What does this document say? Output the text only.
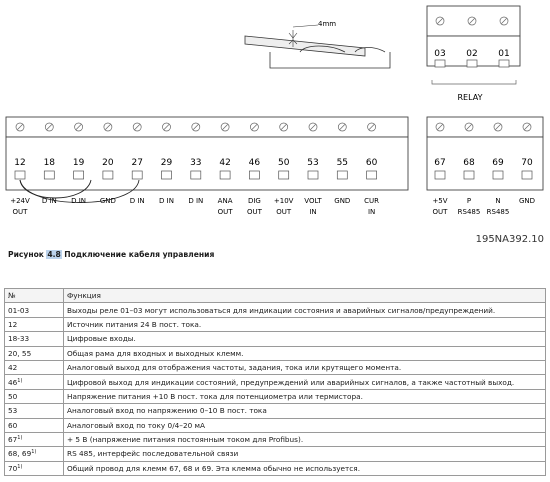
4mm
03 02 01
RELAY
12
+24V
OUT
18
D IN
19
D IN
20
GND
27
D IN
29
D IN
33
D IN
42
ANA
OUT
46
DIG
OUT
50
+10V
OUT
53
VOLT
IN
55
GND
60
CUR
IN
67
+5V
OUT
68
P
RS485
69
N
RS485
70
GND
Рисунок 4.8 Подключение кабеля управления
195NA392.10
№	Функция
01-03	Выходы реле 01–03 могут использоваться для индикации состояния и аварийных сигналов/предупреждений.
12	Источник питания 24 В пост. тока.
18-33	Цифровые входы.
20, 55	Общая рама для входных и выходных клемм.
42	Аналоговый выход для отображения частоты, задания, тока или крутящего момента.
46$^{1)}$	Цифровой выход для индикации состояний, предупреждений или аварийных сигналов, а также частотный выход.
50	Напряжение питания +10 В пост. тока для потенциометра или термистора.
53	Аналоговый вход по напряжению 0–10 В пост. тока
60	Аналоговый вход по току 0/4–20 мА
$67^{1)}$	+ 5 В (напряжение питания постоянным током для Profibus).
68, 69$^{1)}$	RS 485, интерфейс последовательной связи
70$^{1)}$	Общий провод для клемм 67, 68 и 69. Эта клемма обычно не используется.
